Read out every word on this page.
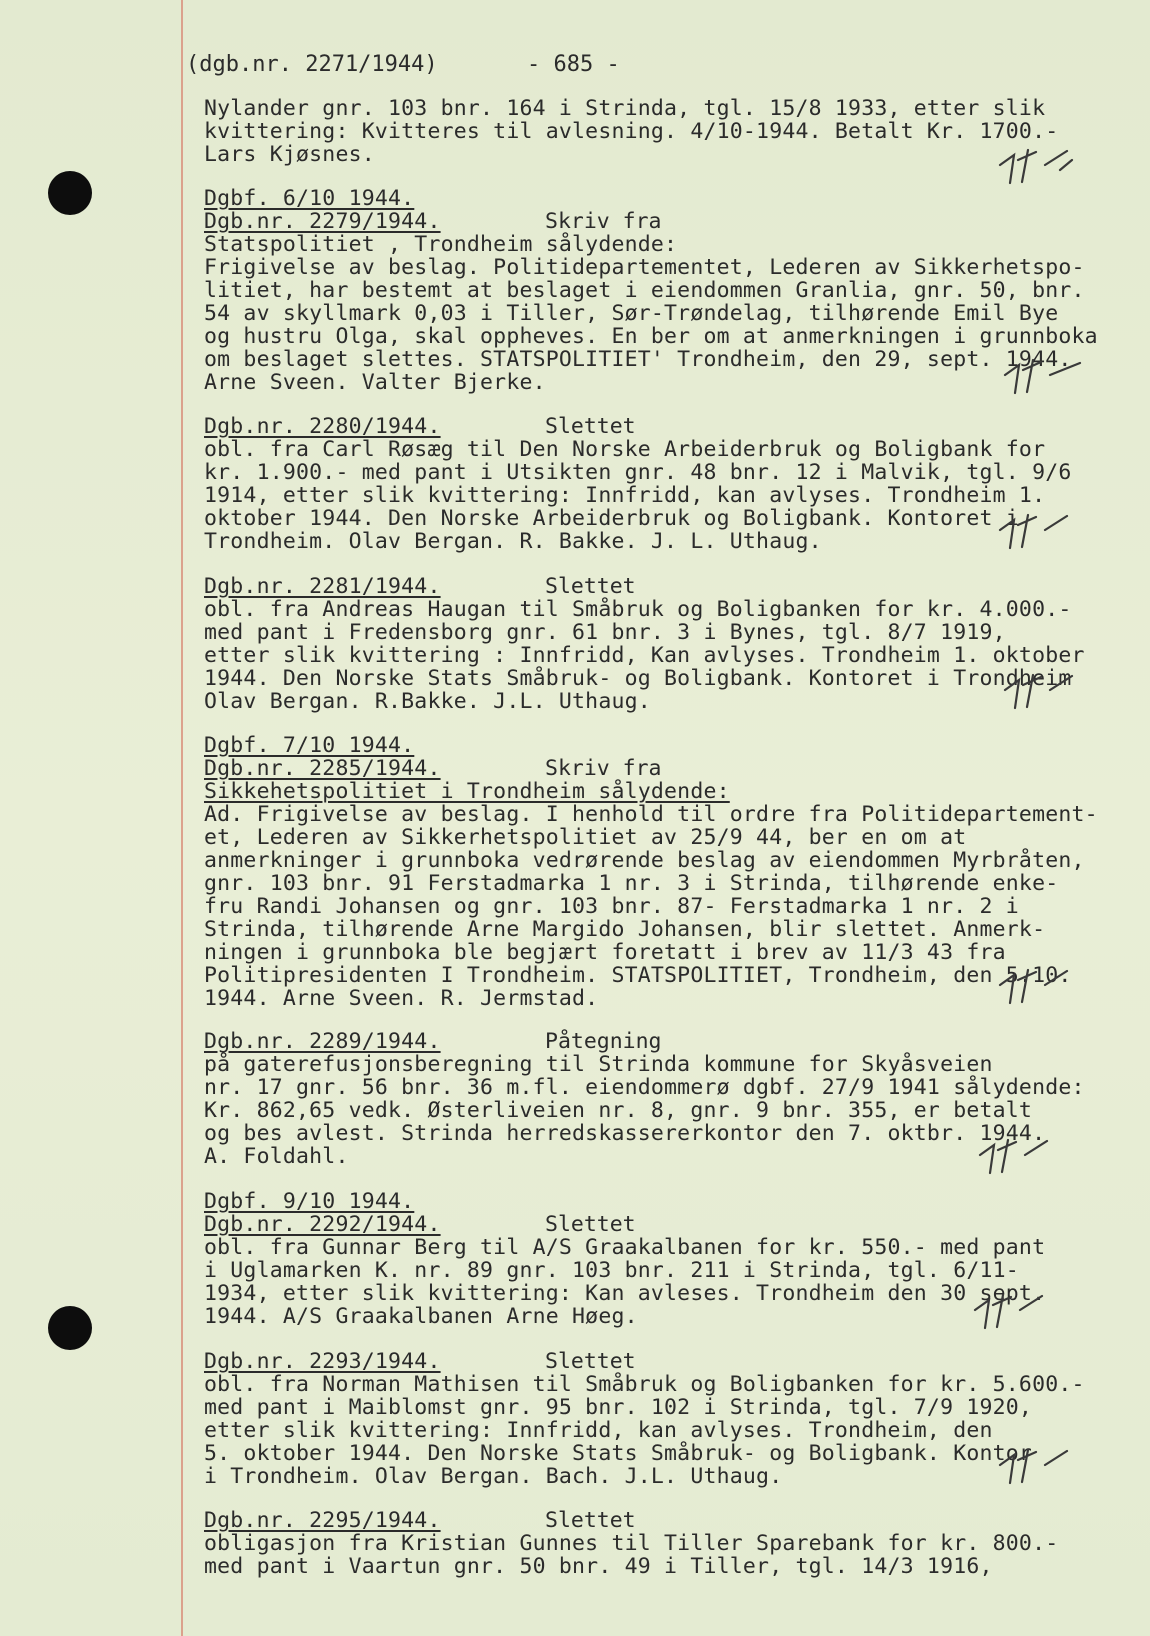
(dgb.nr. 2271/1944)	- 685 -
Nylander gnr. 103 bnr. 164 i Strinda, tgl. 15/8 1933, etter slik
kvittering: Kvitteres til avlesning. 4/10-1944. Betalt Kr. 1700.-
Lars Kjøsnes.
Dgbf. 6/10 1944.
Dgb.nr. 2279/1944.	Skriv fra
Statspolitiet , Trondheim sålydende:
Frigivelse av beslag. Politidepartementet, Lederen av Sikkerhetspo-
litiet, har bestemt at beslaget i eiendommen Granlia, gnr. 50, bnr.
54 av skyllmark 0,03 i Tiller, Sør-Trøndelag, tilhørende Emil Bye
og hustru Olga, skal oppheves. En ber om at anmerkningen i grunnboka
om beslaget slettes. STATSPOLITIET' Trondheim, den 29, sept. 1944.
Arne Sveen. Valter Bjerke.
Dgb.nr. 2280/1944.	Slettet
obl. fra Carl Røsæg til Den Norske Arbeiderbruk og Boligbank for
kr. 1.900.- med pant i Utsikten gnr. 48 bnr. 12 i Malvik, tgl. 9/6
1914, etter slik kvittering: Innfridd, kan avlyses. Trondheim 1.
oktober 1944. Den Norske Arbeiderbruk og Boligbank. Kontoret i
Trondheim. Olav Bergan. R. Bakke. J. L. Uthaug.
Dgb.nr. 2281/1944.	Slettet
obl. fra Andreas Haugan til Småbruk og Boligbanken for kr. 4.000.-
med pant i Fredensborg gnr. 61 bnr. 3 i Bynes, tgl. 8/7 1919,
etter slik kvittering : Innfridd, Kan avlyses. Trondheim 1. oktober
1944. Den Norske Stats Småbruk- og Boligbank. Kontoret i Trondheim
Olav Bergan. R.Bakke. J.L. Uthaug.
Dgbf. 7/10 1944.
Dgb.nr. 2285/1944.	Skriv fra
Sikkehetspolitiet i Trondheim sålydende:
Ad. Frigivelse av beslag. I henhold til ordre fra Politidepartement-
et, Lederen av Sikkerhetspolitiet av 25/9 44, ber en om at
anmerkninger i grunnboka vedrørende beslag av eiendommen Myrbråten,
gnr. 103 bnr. 91 Ferstadmarka 1 nr. 3 i Strinda, tilhørende enke-
fru Randi Johansen og gnr. 103 bnr. 87- Ferstadmarka 1 nr. 2 i
Strinda, tilhørende Arne Margido Johansen, blir slettet. Anmerk-
ningen i grunnboka ble begjært foretatt i brev av 11/3 43 fra
Politipresidenten I Trondheim. STATSPOLITIET, Trondheim, den 5.10.
1944. Arne Sveen. R. Jermstad.
Dgb.nr. 2289/1944.	Påtegning
på gaterefusjonsberegning til Strinda kommune for Skyåsveien
nr. 17 gnr. 56 bnr. 36 m.fl. eiendommerø dgbf. 27/9 1941 sålydende:
Kr. 862,65 vedk. Østerliveien nr. 8, gnr. 9 bnr. 355, er betalt
og bes avlest. Strinda herredskassererkontor den 7. oktbr. 1944.
A. Foldahl.
Dgbf. 9/10 1944.
Dgb.nr. 2292/1944.	Slettet
obl. fra Gunnar Berg til A/S Graakalbanen for kr. 550.- med pant
i Uglamarken K. nr. 89 gnr. 103 bnr. 211 i Strinda, tgl. 6/11-
1934, etter slik kvittering: Kan avleses. Trondheim den 30 sept.
1944. A/S Graakalbanen Arne Høeg.
Dgb.nr. 2293/1944.	Slettet
obl. fra Norman Mathisen til Småbruk og Boligbanken for kr. 5.600.-
med pant i Maiblomst gnr. 95 bnr. 102 i Strinda, tgl. 7/9 1920,
etter slik kvittering: Innfridd, kan avlyses. Trondheim, den
5. oktober 1944. Den Norske Stats Småbruk- og Boligbank. Kontor
i Trondheim. Olav Bergan. Bach. J.L. Uthaug.
Dgb.nr. 2295/1944.	Slettet
obligasjon fra Kristian Gunnes til Tiller Sparebank for kr. 800.-
med pant i Vaartun gnr. 50 bnr. 49 i Tiller, tgl. 14/3 1916,
